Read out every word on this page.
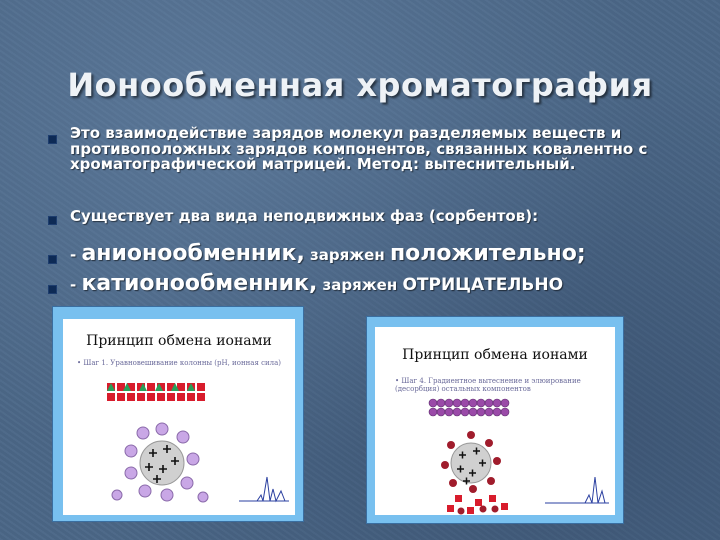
Ионообменная хроматография
Это взаимодействие зарядов молекул разделяемых веществ и противоположных зарядов компонентов, связанных ковалентно с хроматографической матрицей. Метод: вытеснительный.
Существует два вида неподвижных фаз (сорбентов):
- анионообменник, заряжен положительно;
- катионообменник, заряжен ОТРИЦАТЕЛЬНО
Принцип обмена ионами
• Шаг 1. Уравновешивание колонны (pH, ионная сила)	Принцип обмена ионами
• Шаг 4. Градиентное вытеснение и элюирование (десорбция) остальных компонентов
